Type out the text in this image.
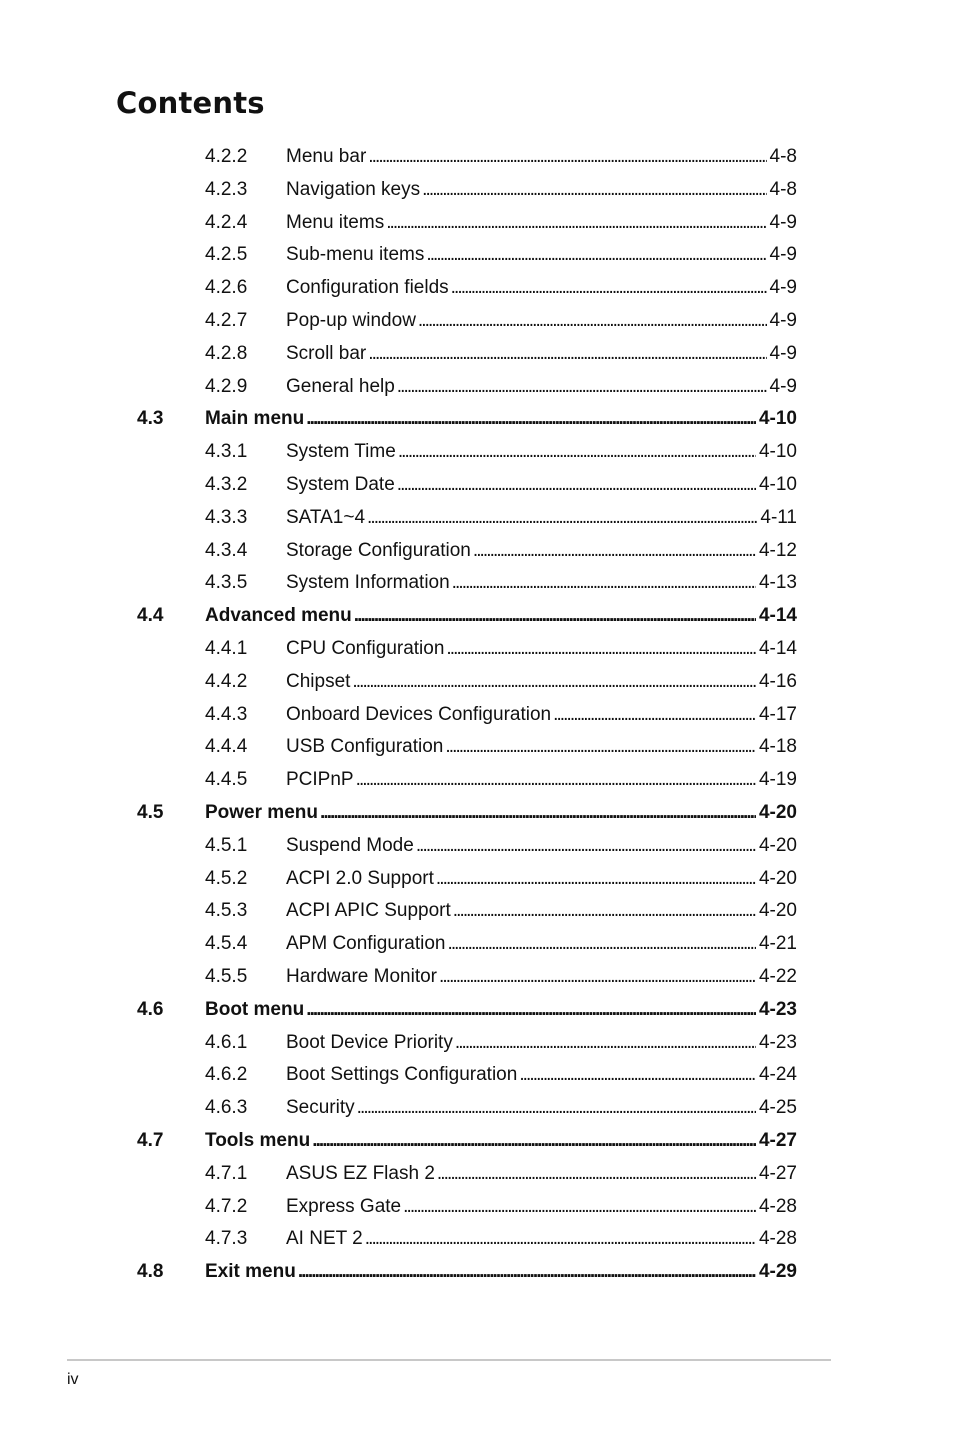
Contents
4.2.2 Menu bar . . .	4-8
4.2.3 Navigation keys . . .	4-8
4.2.4 Menu items . . .	4-9
4.2.5 Sub-menu items . . .	4-9
4.2.6 Configuration fields . . .	4-9
4.2.7 Pop-up window . . .	4-9
4.2.8 Scroll bar . . .	4-9
4.2.9 General help . . .	4-9
4.3 Main menu . . .	4-10
4.3.1 System Time . . .	4-10
4.3.2 System Date . . .	4-10
4.3.3 SATA1~4 . . .	4-11
4.3.4 Storage Configuration . . .	4-12
4.3.5 System Information . . .	4-13
4.4 Advanced menu . . .	4-14
4.4.1 CPU Configuration . . .	4-14
4.4.2 Chipset . . .	4-16
4.4.3 Onboard Devices Configuration . . .	4-17
4.4.4 USB Configuration . . .	4-18
4.4.5 PCIPnP . . .	4-19
4.5 Power menu . . .	4-20
4.5.1 Suspend Mode . . .	4-20
4.5.2 ACPI 2.0 Support . . .	4-20
4.5.3 ACPI APIC Support . . .	4-20
4.5.4 APM Configuration . . .	4-21
4.5.5 Hardware Monitor . . .	4-22
4.6 Boot menu . . .	4-23
4.6.1 Boot Device Priority . . .	4-23
4.6.2 Boot Settings Configuration . . .	4-24
4.6.3 Security . . .	4-25
4.7 Tools menu . . .	4-27
4.7.1 ASUS EZ Flash 2 . . .	4-27
4.7.2 Express Gate . . .	4-28
4.7.3 AI NET 2 . . .	4-28
4.8 Exit menu . . .	4-29
iv
